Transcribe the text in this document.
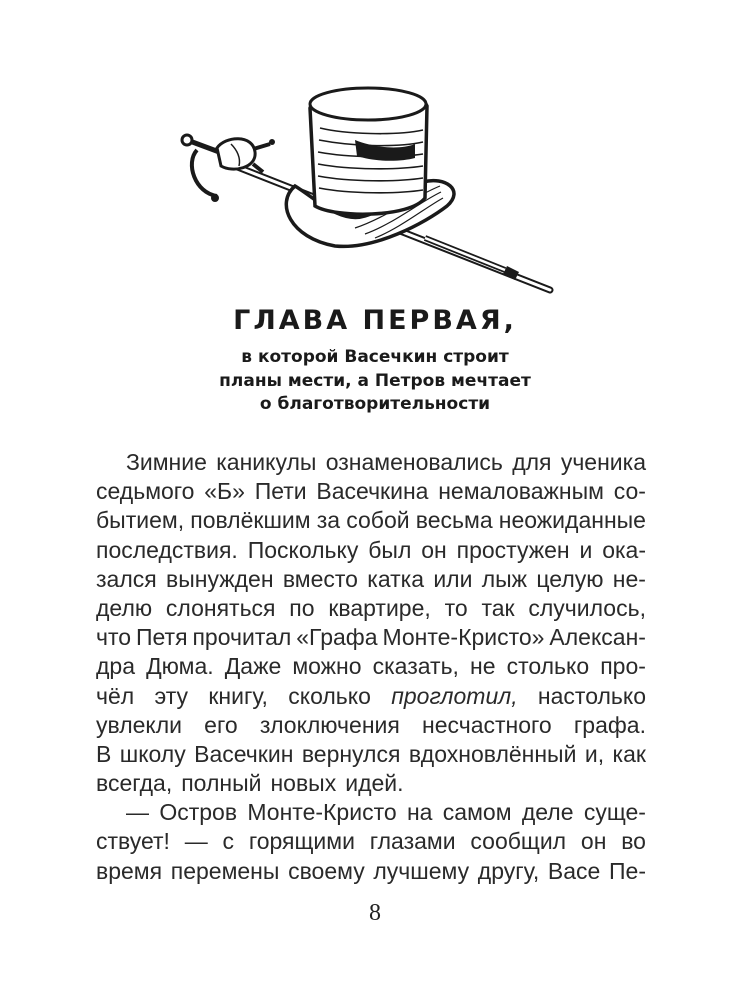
ГЛАВА ПЕРВАЯ,
в которой Васечкин строит
планы мести, а Петров мечтает
о благотворительности
Зимние каникулы ознаменовались для ученика
седьмого «Б» Пети Васечкина немаловажным со-
бытием, повлёкшим за собой весьма неожиданные
последствия. Поскольку был он простужен и ока-
зался вынужден вместо катка или лыж целую не-
делю слоняться по квартире, то так случилось,
что Петя прочитал «Графа Монте-Кристо» Алексан-
дра Дюма. Даже можно сказать, не столько про-
чёл эту книгу, сколько проглотил, настолько
увлекли его злоключения несчастного графа.
В школу Васечкин вернулся вдохновлённый и, как
всегда, полный новых идей.
— Остров Монте-Кристо на самом деле суще-
ствует! — с горящими глазами сообщил он во
время перемены своему лучшему другу, Васе Пе-
8
